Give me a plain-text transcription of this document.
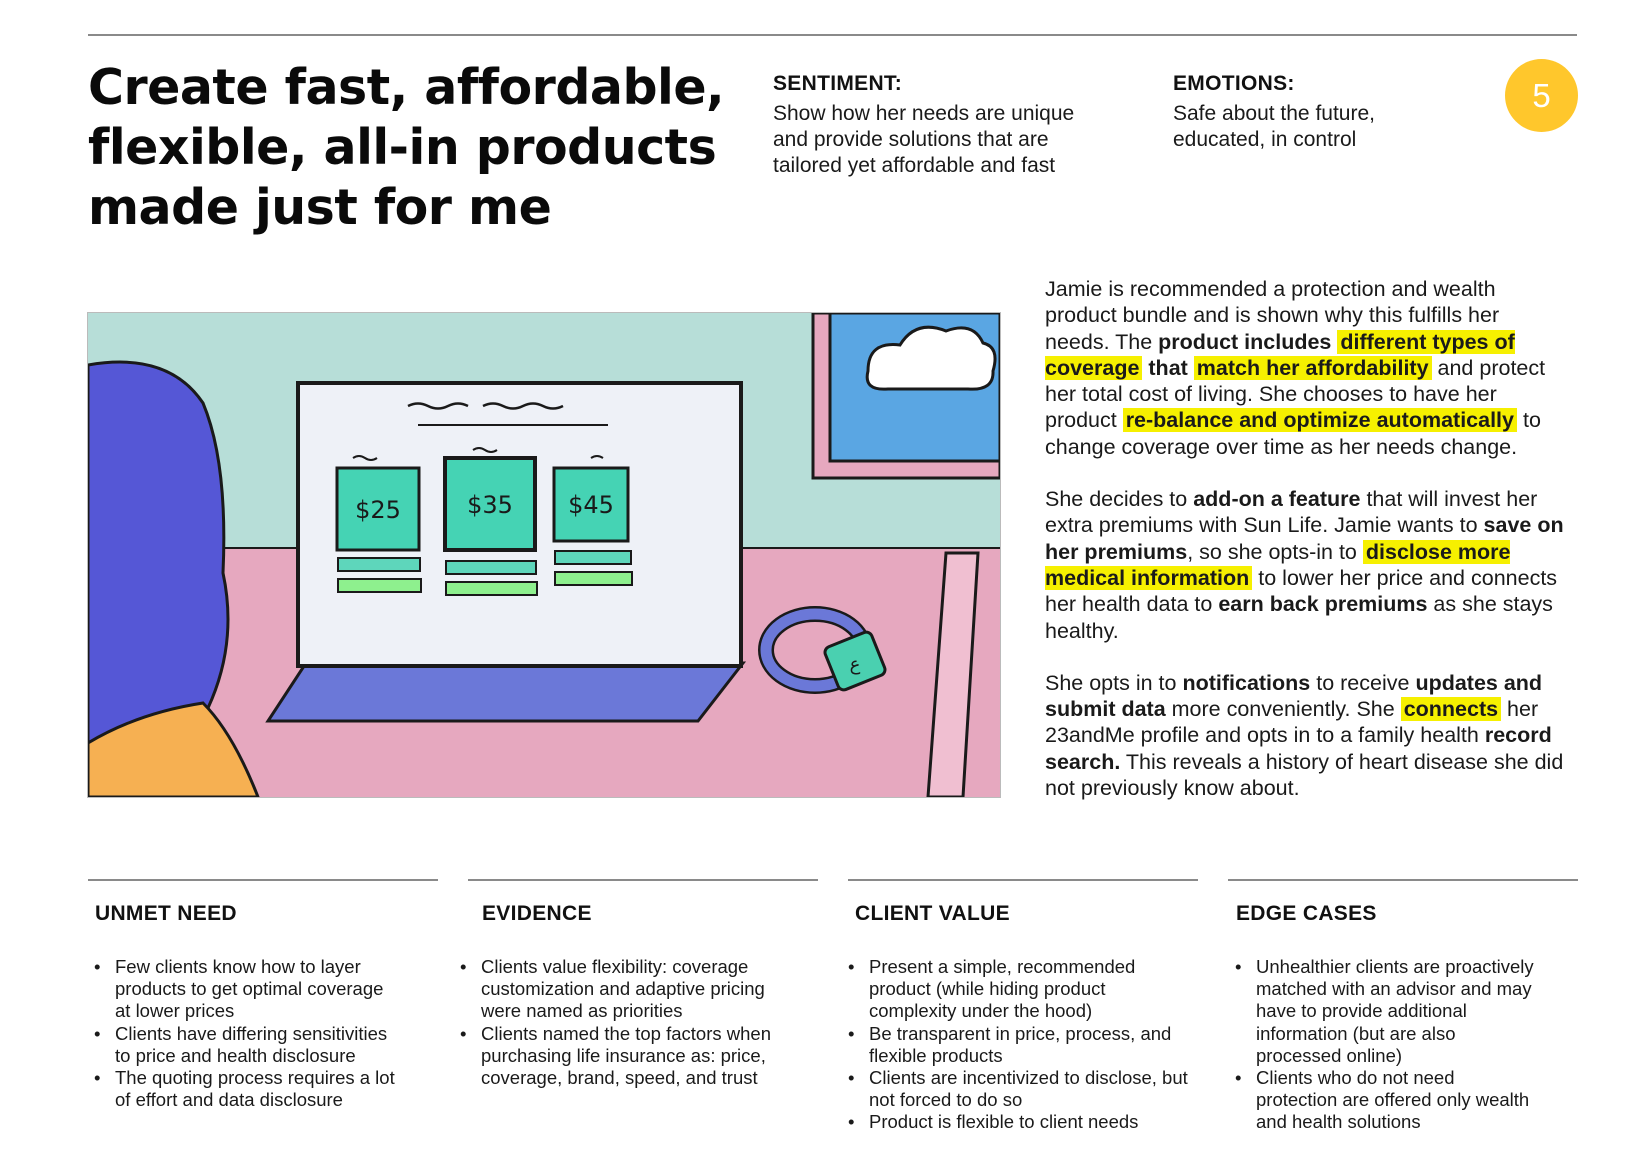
Create fast, affordable,
flexible, all-in products
made just for me
SENTIMENT:
Show how her needs are unique
and provide solutions that are
tailored yet affordable and fast
EMOTIONS:
Safe about the future,
educated, in control
5
$25	$35 $45
ع

Jamie is recommended a protection and wealth product bundle and is shown why this fulfills her needs. The product includes different types of coverage that match her affordability and protect her total cost of living. She chooses to have her product re-balance and optimize automatically to change coverage over time as her needs change.

She decides to add-on a feature that will invest her extra premiums with Sun Life. Jamie wants to save on her premiums, so she opts-in to disclose more medical information to lower her price and connects her health data to earn back premiums as she stays healthy.

She opts in to notifications to receive updates and submit data more conveniently. She connects her 23andMe profile and opts in to a family health record search. This reveals a history of heart disease she did not previously know about.

UNMET NEED	EVIDENCE	CLIENT VALUE	EDGE CASES
• Few clients know how to layer
products to get optimal coverage
at lower prices
• Clients have differing sensitivities
to price and health disclosure
• The quoting process requires a lot
of effort and data disclosure
• Clients value flexibility: coverage
customization and adaptive pricing
were named as priorities
• Clients named the top factors when
purchasing life insurance as: price,
coverage, brand, speed, and trust
• Present a simple, recommended
product (while hiding product
complexity under the hood)
• Be transparent in price, process, and
flexible products
• Clients are incentivized to disclose, but
not forced to do so
• Product is flexible to client needs
• Unhealthier clients are proactively
matched with an advisor and may
have to provide additional
information (but are also
processed online)
• Clients who do not need
protection are offered only wealth
and health solutions
